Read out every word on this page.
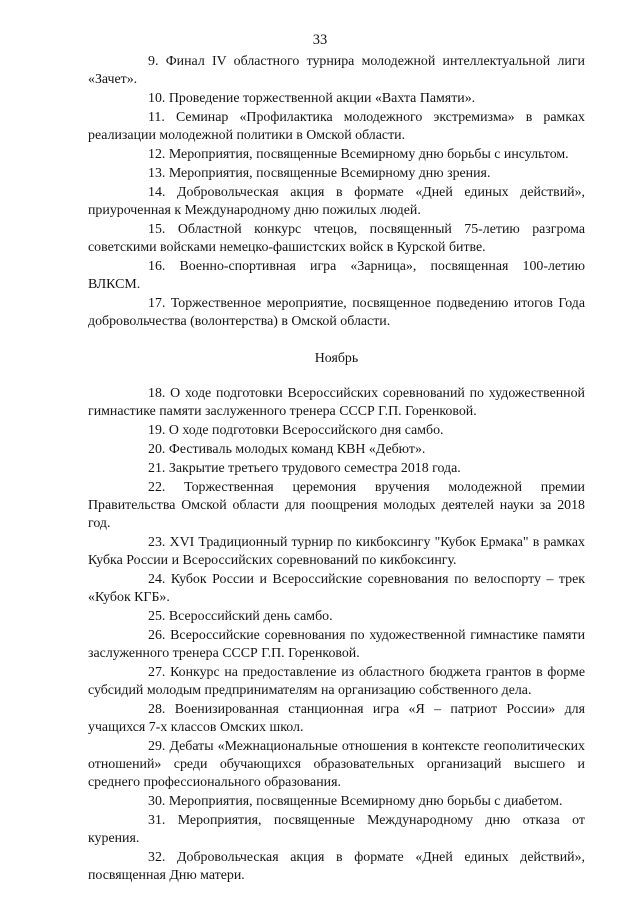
33
9. Финал IV областного турнира молодежной интеллектуальной лиги «Зачет».
10. Проведение торжественной акции «Вахта Памяти».
11. Семинар «Профилактика молодежного экстремизма» в рамках реализации молодежной политики в Омской области.
12. Мероприятия, посвященные Всемирному дню борьбы с инсультом.
13. Мероприятия, посвященные Всемирному дню зрения.
14. Добровольческая акция в формате «Дней единых действий», приуроченная к Международному дню пожилых людей.
15. Областной конкурс чтецов, посвященный 75-летию разгрома советскими войсками немецко-фашистских войск в Курской битве.
16. Военно-спортивная игра «Зарница», посвященная 100-летию ВЛКСМ.
17. Торжественное мероприятие, посвященное подведению итогов Года добровольчества (волонтерства) в Омской области.
Ноябрь
18. О ходе подготовки Всероссийских соревнований по художественной гимнастике памяти заслуженного тренера СССР Г.П. Горенковой.
19. О ходе подготовки Всероссийского дня самбо.
20. Фестиваль молодых команд КВН «Дебют».
21. Закрытие третьего трудового семестра 2018 года.
22. Торжественная церемония вручения молодежной премии Правительства Омской области для поощрения молодых деятелей науки за 2018 год.
23. XVI Традиционный турнир по кикбоксингу "Кубок Ермака" в рамках Кубка России и Всероссийских соревнований по кикбоксингу.
24. Кубок России и Всероссийские соревнования по велоспорту – трек «Кубок КГБ».
25. Всероссийский день самбо.
26. Всероссийские соревнования по художественной гимнастике памяти заслуженного тренера СССР Г.П. Горенковой.
27. Конкурс на предоставление из областного бюджета грантов в форме субсидий молодым предпринимателям на организацию собственного дела.
28. Военизированная станционная игра «Я – патриот России» для учащихся 7-х классов Омских школ.
29. Дебаты «Межнациональные отношения в контексте геополитических отношений» среди обучающихся образовательных организаций высшего и среднего профессионального образования.
30. Мероприятия, посвященные Всемирному дню борьбы с диабетом.
31. Мероприятия, посвященные Международному дню отказа от курения.
32. Добровольческая акция в формате «Дней единых действий», посвященная Дню матери.
